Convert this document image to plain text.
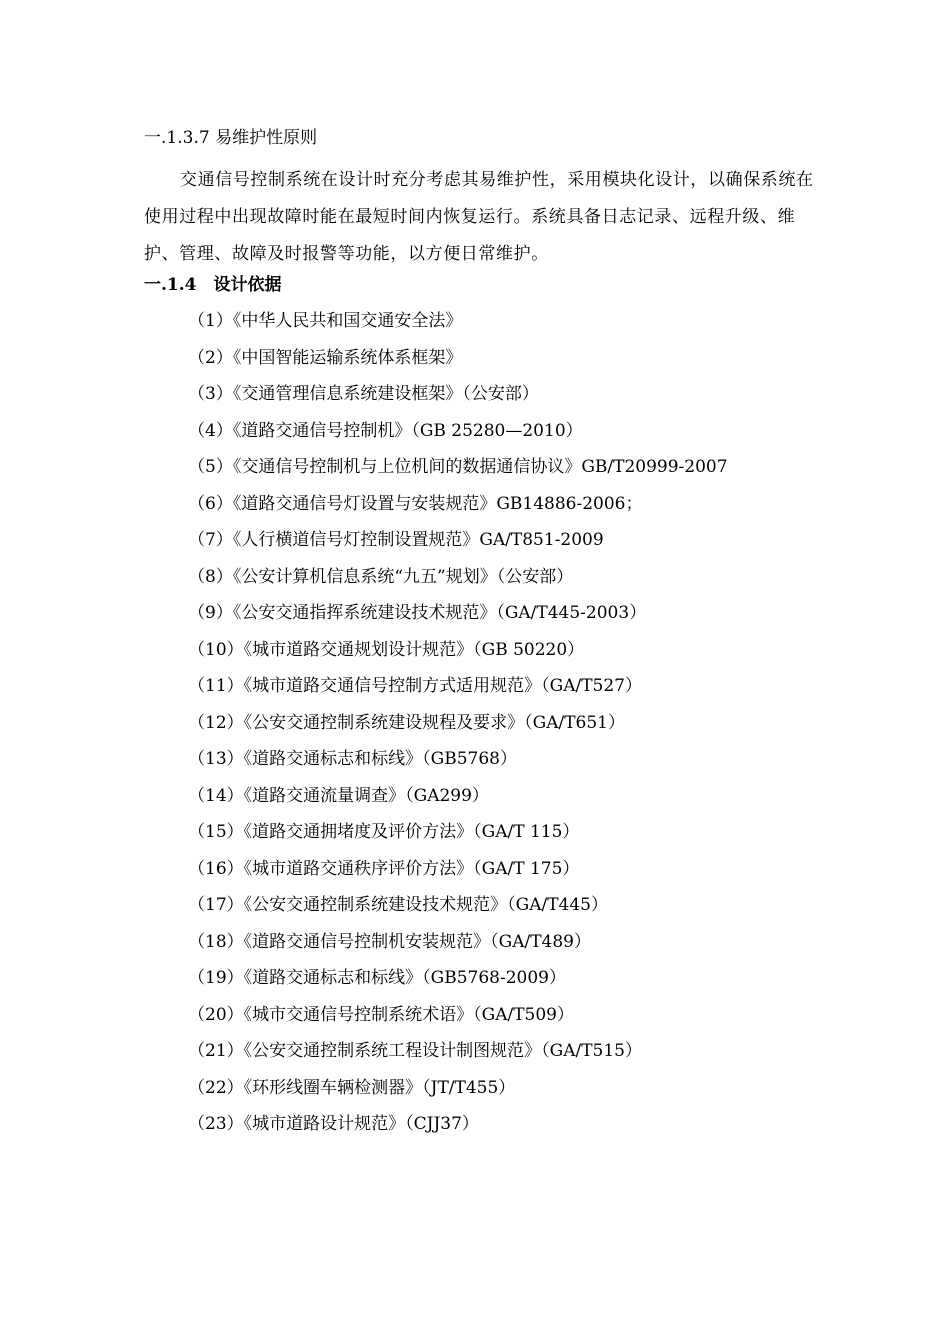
一.1.3.7 易维护性原则
交通信号控制系统在设计时充分考虑其易维护性，采用模块化设计，以确保系统在使用过程中出现故障时能在最短时间内恢复运行。系统具备日志记录、远程升级、维护、管理、故障及时报警等功能，以方便日常维护。
一.1.4　设计依据
（1）《中华人民共和国交通安全法》
（2）《中国智能运输系统体系框架》
（3）《交通管理信息系统建设框架》（公安部）
（4）《道路交通信号控制机》（GB 25280—2010）
（5）《交通信号控制机与上位机间的数据通信协议》GB/T20999-2007
（6）《道路交通信号灯设置与安装规范》GB14886-2006；
（7）《人行横道信号灯控制设置规范》GA/T851-2009
（8）《公安计算机信息系统“九五”规划》（公安部）
（9）《公安交通指挥系统建设技术规范》（GA/T445-2003）
（10）《城市道路交通规划设计规范》（GB 50220）
（11）《城市道路交通信号控制方式适用规范》（GA/T527）
（12）《公安交通控制系统建设规程及要求》（GA/T651）
（13）《道路交通标志和标线》（GB5768）
（14）《道路交通流量调查》（GA299）
（15）《道路交通拥堵度及评价方法》（GA/T 115）
（16）《城市道路交通秩序评价方法》（GA/T 175）
（17）《公安交通控制系统建设技术规范》（GA/T445）
（18）《道路交通信号控制机安装规范》（GA/T489）
（19）《道路交通标志和标线》（GB5768-2009）
（20）《城市交通信号控制系统术语》（GA/T509）
（21）《公安交通控制系统工程设计制图规范》（GA/T515）
（22）《环形线圈车辆检测器》（JT/T455）
（23）《城市道路设计规范》（CJJ37）
